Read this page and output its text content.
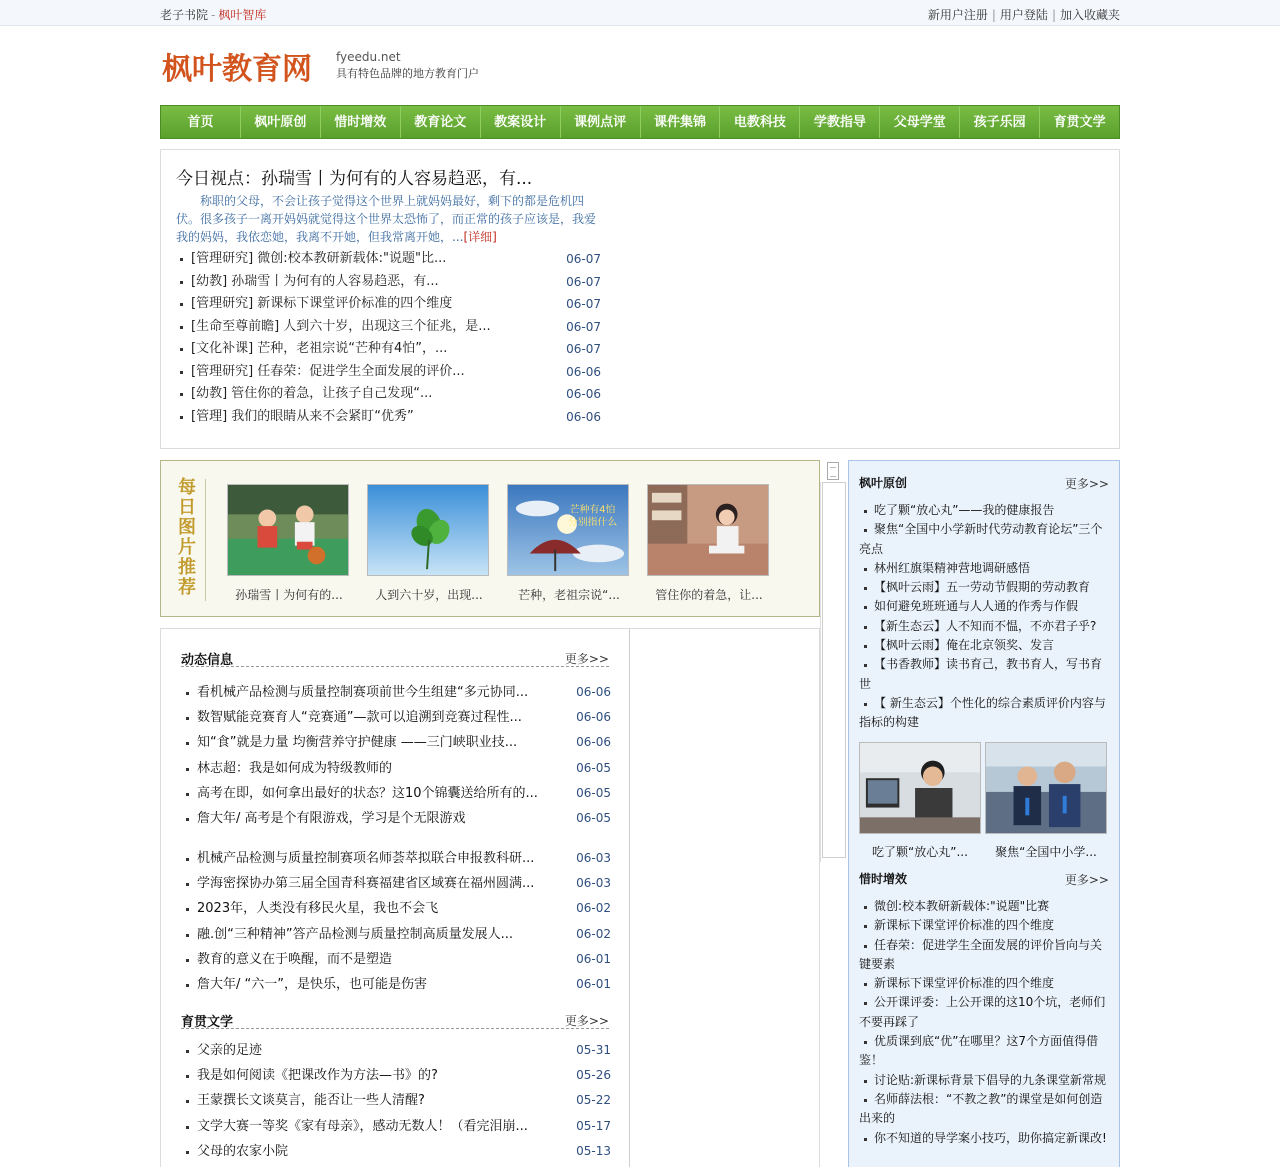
老子书院 - 枫叶智库	新用户注册 | 用户登陆 | 加入收藏夹
枫叶教育网 fyeedu.net
具有特色品牌的地方教育门户
首页	枫叶原创	惜时增效	教育论文	教案设计	课例点评	课件集锦	电教科技	学教指导	父母学堂	孩子乐园	育贯文学
今日视点：孙瑞雪丨为何有的人容易趋恶，有...
称职的父母，不会让孩子觉得这个世界上就妈妈最好，剩下的都是危机四伏。很多孩子一离开妈妈就觉得这个世界太恐怖了，而正常的孩子应该是，我爱我的妈妈，我依恋她，我离不开她，但我常离开她，...[详细]
[管理研究] 微创:校本教研新载体:"说题"比...	06-07
[幼教] 孙瑞雪丨为何有的人容易趋恶，有...	06-07
[管理研究] 新课标下课堂评价标准的四个维度	06-07
[生命至尊前瞻] 人到六十岁，出现这三个征兆，是...	06-07
[文化补课] 芒种，老祖宗说“芒种有4怕”，...	06-07
[管理研究] 任春荣：促进学生全面发展的评价...	06-06
[幼教] 管住你的着急，让孩子自己发现“...	06-06
[管理] 我们的眼睛从来不会紧盯“优秀”	06-06
每日图片推荐	孙瑞雪丨为何有的...	人到六十岁，出现...
芒种有4怕
分别指什么
芒种，老祖宗说“...	管住你的着急，让...
动态信息	更多>>
看机械产品检测与质量控制赛项前世今生组建“多元协同...	06-06
数智赋能竞赛育人“竞赛通”—款可以追溯到竞赛过程性...	06-06
知“食”就是力量 均衡营养守护健康 ——三门峡职业技...	06-06
林志超：我是如何成为特级教师的	06-05
高考在即，如何拿出最好的状态？这10个锦囊送给所有的...	06-05
詹大年/ 高考是个有限游戏，学习是个无限游戏	06-05
机械产品检测与质量控制赛项名师荟萃拟联合申报教科研...	06-03
学海密探协办第三届全国青科赛福建省区域赛在福州圆满...	06-03
2023年，人类没有移民火星，我也不会飞	06-02
融.创“三种精神”答产品检测与质量控制高质量发展人...	06-02
教育的意义在于唤醒，而不是塑造	06-01
詹大年/ “六一”，是快乐，也可能是伤害	06-01
育贯文学	更多>>
父亲的足迹	05-31
我是如何阅读《把课改作为方法—书》的?	05-26
王蒙撰长文谈莫言，能否让一些人清醒?	05-22
文学大赛一等奖《家有母亲》，感动无数人！（看完泪崩...	05-17
父母的农家小院	05-13
枫叶原创	更多>>
吃了颗“放心丸”——我的健康报告
聚焦“全国中小学新时代劳动教育论坛”三个亮点
林州红旗渠精神营地调研感悟
【枫叶云雨】五一劳动节假期的劳动教育
如何避免班班通与人人通的作秀与作假
【新生态云】人不知而不愠，不亦君子乎?
【枫叶云雨】俺在北京领奖、发言
【书香教师】读书育己，教书育人，写书育世
【 新生态云】个性化的综合素质评价内容与指标的构建
吃了颗“放心丸”...	聚焦“全国中小学...
惜时增效	更多>>
微创:校本教研新载体:"说题"比赛
新课标下课堂评价标准的四个维度
任春荣：促进学生全面发展的评价旨向与关键要素
新课标下课堂评价标准的四个维度
公开课评委：上公开课的这10个坑，老师们不要再踩了
优质课到底“优”在哪里？这7个方面值得借鉴！
讨论贴:新课标背景下倡导的九条课堂新常规
名师薛法根：“不教之教”的课堂是如何创造出来的
你不知道的导学案小技巧，助你搞定新课改!
